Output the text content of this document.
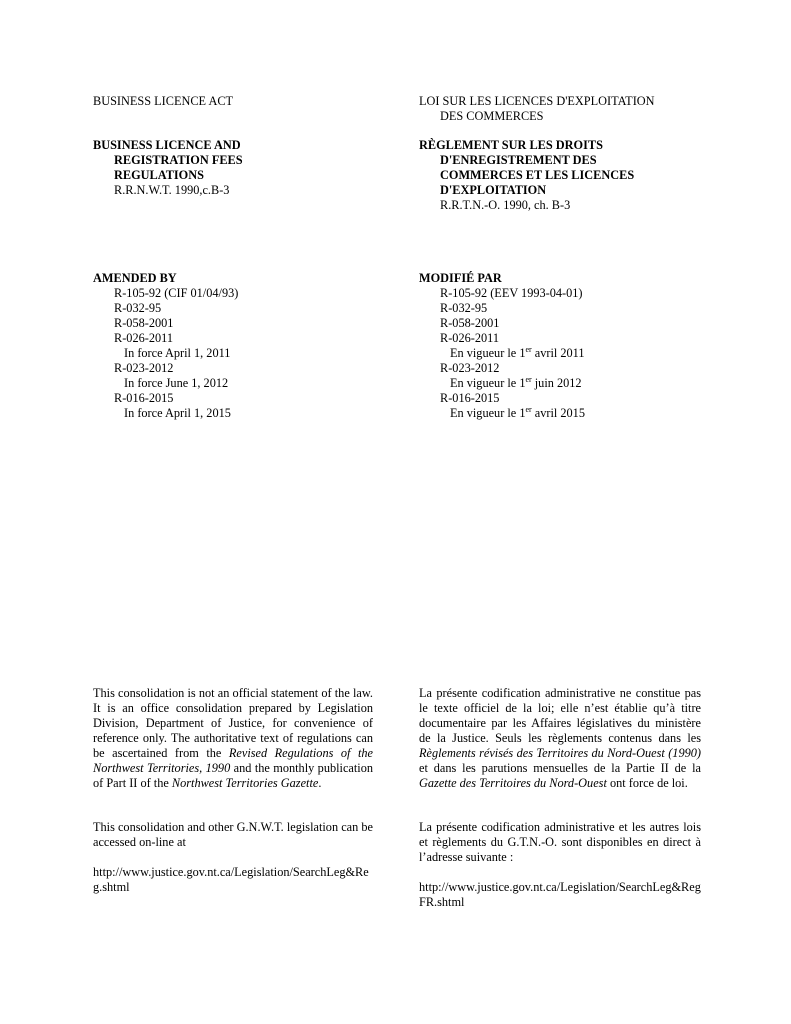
BUSINESS LICENCE ACT
BUSINESS LICENCE AND
REGISTRATION FEES
REGULATIONS
R.R.N.W.T. 1990,c.B-3
AMENDED BY
R-105-92 (CIF 01/04/93)
R-032-95
R-058-2001
R-026-2011
In force April 1, 2011
R-023-2012
In force June 1, 2012
R-016-2015
In force April 1, 2015

This consolidation is not an official statement of the law. It is an office consolidation prepared by Legislation Division, Department of Justice, for convenience of reference only. The authoritative text of regulations can be ascertained from the Revised Regulations of the Northwest Territories, 1990 and the monthly publication of Part II of the Northwest Territories Gazette.

This consolidation and other G.N.W.T. legislation can be accessed on-line at
http://www.justice.gov.nt.ca/Legislation/SearchLeg&Reg.shtml
LOI SUR LES LICENCES D'EXPLOITATION
DES COMMERCES
RÈGLEMENT SUR LES DROITS
D'ENREGISTREMENT DES
COMMERCES ET LES LICENCES
D'EXPLOITATION
R.R.T.N.-O. 1990, ch. B-3
MODIFIÉ PAR
R-105-92 (EEV 1993-04-01)
R-032-95
R-058-2001
R-026-2011
En vigueur le 1er avril 2011
R-023-2012
En vigueur le 1er juin 2012
R-016-2015
En vigueur le 1er avril 2015

La présente codification administrative ne constitue pas le texte officiel de la loi; elle n’est établie qu’à titre documentaire par les Affaires législatives du ministère de la Justice. Seuls les règlements contenus dans les Règlements révisés des Territoires du Nord-Ouest (1990) et dans les parutions mensuelles de la Partie II de la Gazette des Territoires du Nord-Ouest ont force de loi.

La présente codification administrative et les autres lois et règlements du G.T.N.-O. sont disponibles en direct à l’adresse suivante :
http://www.justice.gov.nt.ca/Legislation/SearchLeg&RegFR.shtml
